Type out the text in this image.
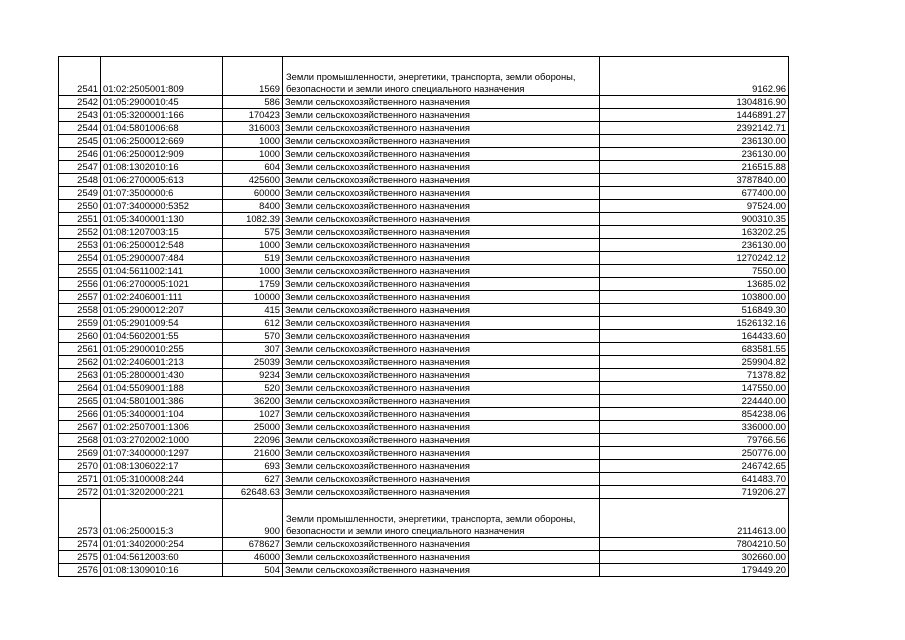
2541	01:02:2505001:809	1569	Земли промышленности, энергетики, транспорта, земли обороны, безопасности и земли иного специального назначения	9162.96
2542	01:05:2900010:45	586	Земли сельскохозяйственного назначения	1304816.90
2543	01:05:3200001:166	170423	Земли сельскохозяйственного назначения	1446891.27
2544	01:04:5801006:68	316003	Земли сельскохозяйственного назначения	2392142.71
2545	01:06:2500012:669	1000	Земли сельскохозяйственного назначения	236130.00
2546	01:06:2500012:909	1000	Земли сельскохозяйственного назначения	236130.00
2547	01:08:1302010:16	604	Земли сельскохозяйственного назначения	216515.88
2548	01:06:2700005:613	425600	Земли сельскохозяйственного назначения	3787840.00
2549	01:07:3500000:6	60000	Земли сельскохозяйственного назначения	677400.00
2550	01:07:3400000:5352	8400	Земли сельскохозяйственного назначения	97524.00
2551	01:05:3400001:130	1082.39	Земли сельскохозяйственного назначения	900310.35
2552	01:08:1207003:15	575	Земли сельскохозяйственного назначения	163202.25
2553	01:06:2500012:548	1000	Земли сельскохозяйственного назначения	236130.00
2554	01:05:2900007:484	519	Земли сельскохозяйственного назначения	1270242.12
2555	01:04:5611002:141	1000	Земли сельскохозяйственного назначения	7550.00
2556	01:06:2700005:1021	1759	Земли сельскохозяйственного назначения	13685.02
2557	01:02:2406001:111	10000	Земли сельскохозяйственного назначения	103800.00
2558	01:05:2900012:207	415	Земли сельскохозяйственного назначения	516849.30
2559	01:05:2901009:54	612	Земли сельскохозяйственного назначения	1526132.16
2560	01:04:5602001:55	570	Земли сельскохозяйственного назначения	164433.60
2561	01:05:2900010:255	307	Земли сельскохозяйственного назначения	683581.55
2562	01:02:2406001:213	25039	Земли сельскохозяйственного назначения	259904.82
2563	01:05:2800001:430	9234	Земли сельскохозяйственного назначения	71378.82
2564	01:04:5509001:188	520	Земли сельскохозяйственного назначения	147550.00
2565	01:04:5801001:386	36200	Земли сельскохозяйственного назначения	224440.00
2566	01:05:3400001:104	1027	Земли сельскохозяйственного назначения	854238.06
2567	01:02:2507001:1306	25000	Земли сельскохозяйственного назначения	336000.00
2568	01:03:2702002:1000	22096	Земли сельскохозяйственного назначения	79766.56
2569	01:07:3400000:1297	21600	Земли сельскохозяйственного назначения	250776.00
2570	01:08:1306022:17	693	Земли сельскохозяйственного назначения	246742.65
2571	01:05:3100008:244	627	Земли сельскохозяйственного назначения	641483.70
2572	01:01:3202000:221	62648.63	Земли сельскохозяйственного назначения	719206.27
2573	01:06:2500015:3	900	Земли промышленности, энергетики, транспорта, земли обороны, безопасности и земли иного специального назначения	2114613.00
2574	01:01:3402000:254	678627	Земли сельскохозяйственного назначения	7804210.50
2575	01:04:5612003:60	46000	Земли сельскохозяйственного назначения	302660.00
2576	01:08:1309010:16	504	Земли сельскохозяйственного назначения	179449.20
